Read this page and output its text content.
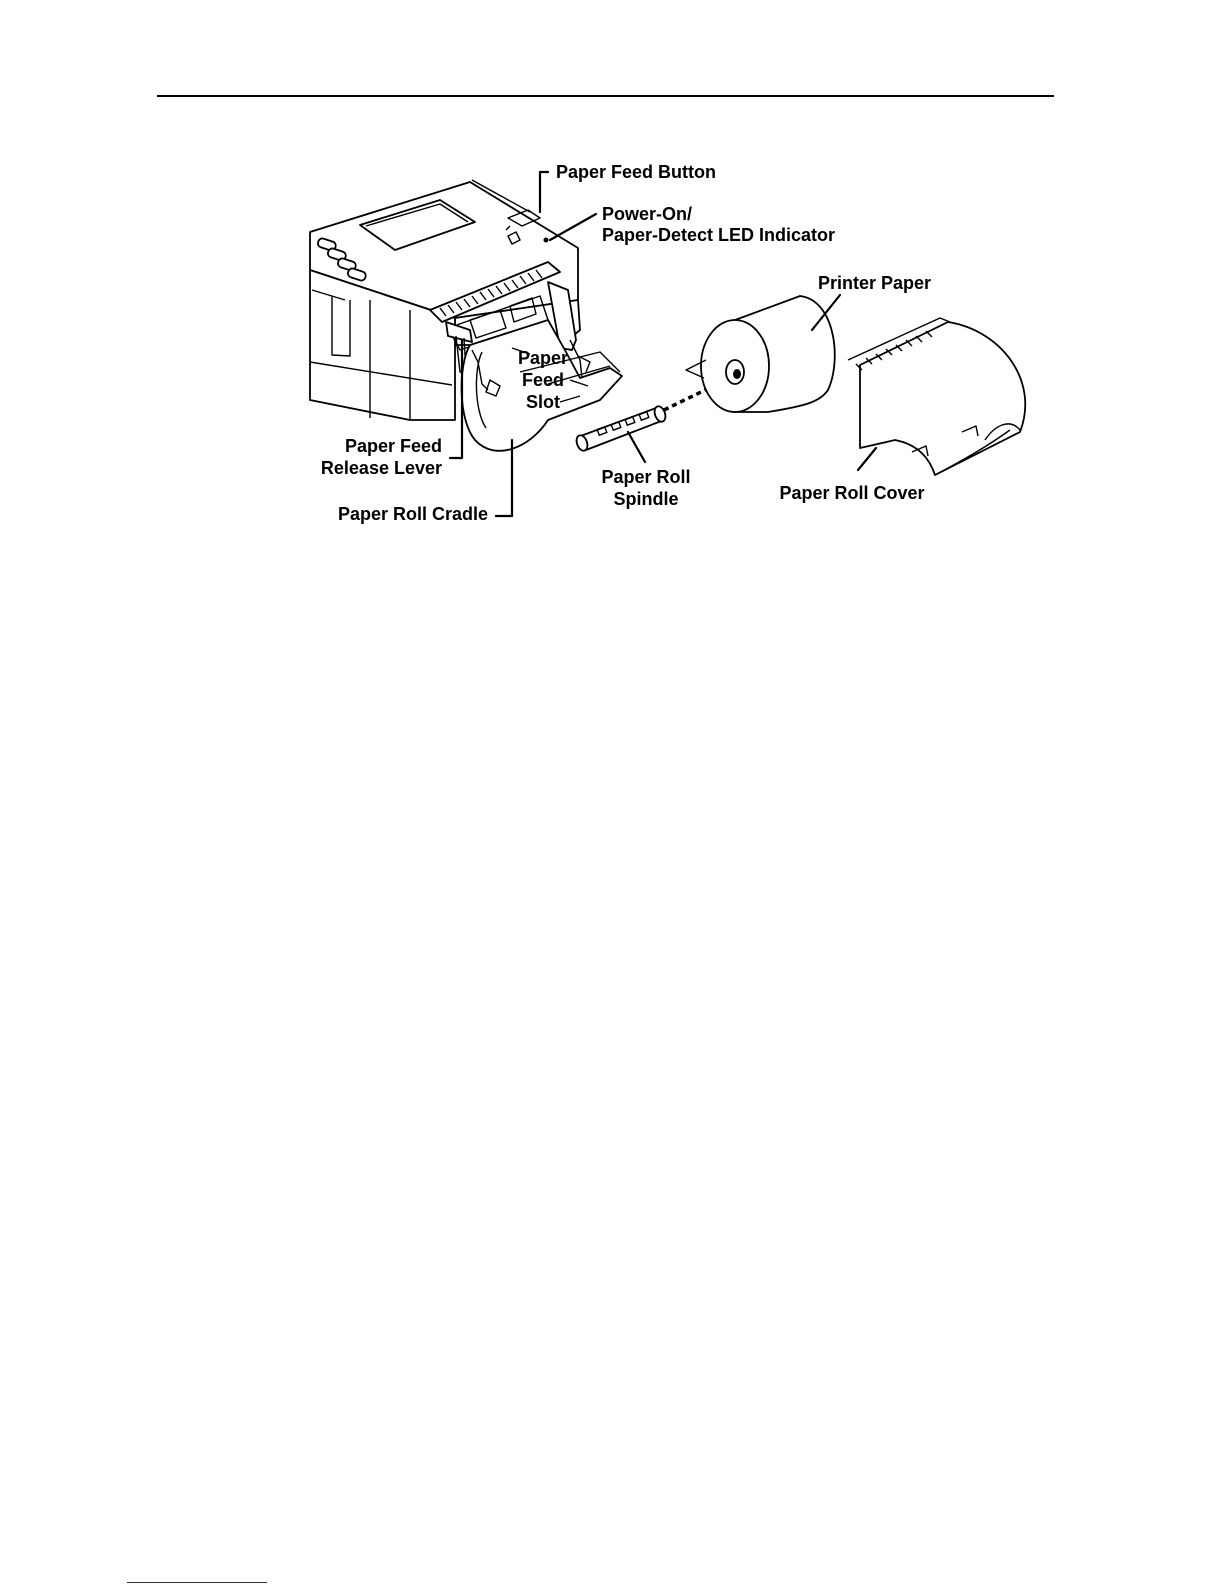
Paper Feed Button
Power-On/
Paper-Detect LED Indicator
Printer Paper
Paper
Feed
Slot
Paper Feed
Release Lever	Paper Roll
Spindle	Paper Roll Cover
Paper Roll Cradle
